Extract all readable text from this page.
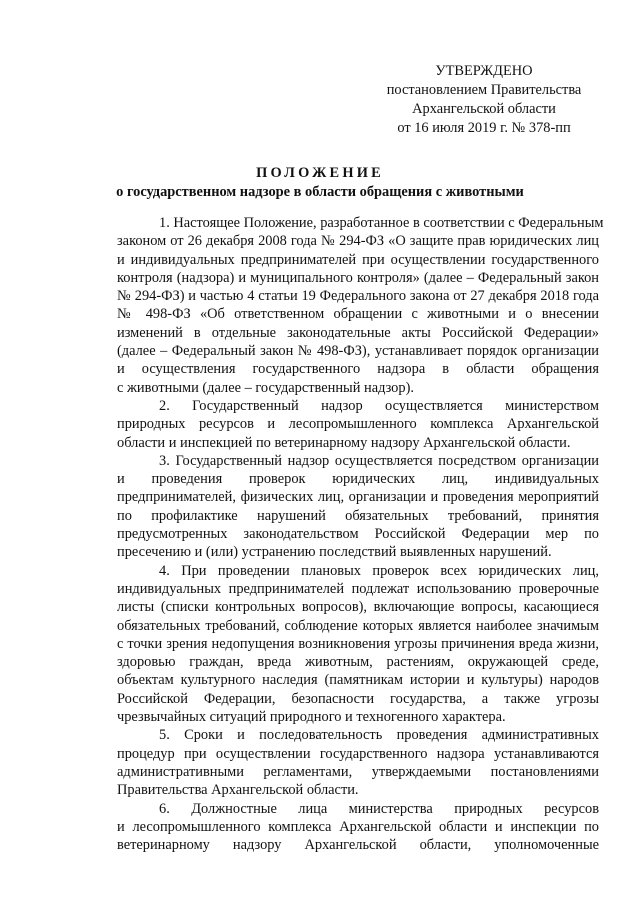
УТВЕРЖДЕНО
постановлением Правительства
Архангельской области
от 16 июля 2019 г. № 378-пп
ПОЛОЖЕНИЕ
о государственном надзоре в области обращения с животными
1. Настоящее Положение, разработанное в соответствии с Федеральным
законом от 26 декабря 2008 года № 294-ФЗ «О защите прав юридических лиц
и индивидуальных предпринимателей при осуществлении государственного
контроля (надзора) и муниципального контроля» (далее – Федеральный закон
№ 294-ФЗ) и частью 4 статьи 19 Федерального закона от 27 декабря 2018 года
№ 498-ФЗ «Об ответственном обращении с животными и о внесении
изменений в отдельные законодательные акты Российской Федерации»
(далее – Федеральный закон № 498-ФЗ), устанавливает порядок организации
и осуществления государственного надзора в области обращения
с животными (далее – государственный надзор).
2. Государственный надзор осуществляется министерством
природных ресурсов и лесопромышленного комплекса Архангельской
области и инспекцией по ветеринарному надзору Архангельской области.
3. Государственный надзор осуществляется посредством организации
и проведения проверок юридических лиц, индивидуальных
предпринимателей, физических лиц, организации и проведения мероприятий
по профилактике нарушений обязательных требований, принятия
предусмотренных законодательством Российской Федерации мер по
пресечению и (или) устранению последствий выявленных нарушений.
4. При проведении плановых проверок всех юридических лиц,
индивидуальных предпринимателей подлежат использованию проверочные
листы (списки контрольных вопросов), включающие вопросы, касающиеся
обязательных требований, соблюдение которых является наиболее значимым
с точки зрения недопущения возникновения угрозы причинения вреда жизни,
здоровью граждан, вреда животным, растениям, окружающей среде,
объектам культурного наследия (памятникам истории и культуры) народов
Российской Федерации, безопасности государства, а также угрозы
чрезвычайных ситуаций природного и техногенного характера.
5. Сроки и последовательность проведения административных
процедур при осуществлении государственного надзора устанавливаются
административными регламентами, утверждаемыми постановлениями
Правительства Архангельской области.
6. Должностные лица министерства природных ресурсов
и лесопромышленного комплекса Архангельской области и инспекции по
ветеринарному надзору Архангельской области, уполномоченные
